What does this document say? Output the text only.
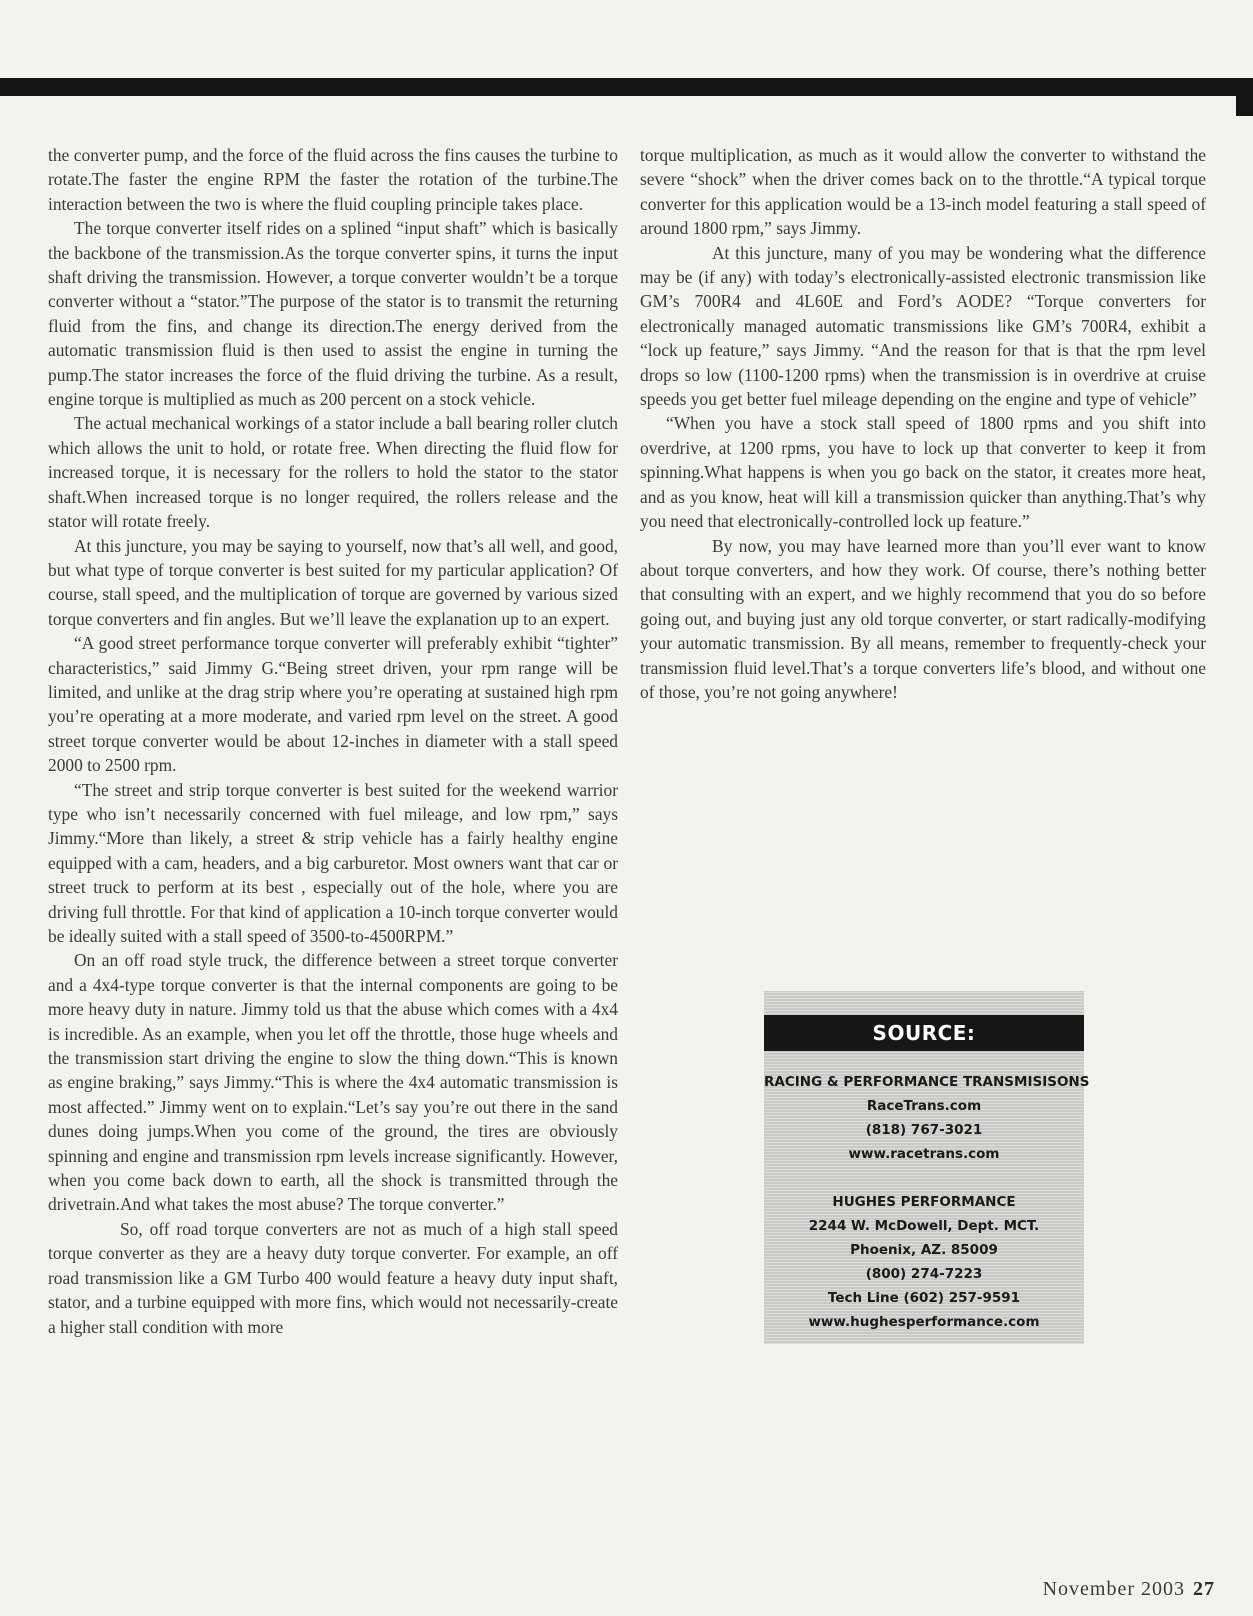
the converter pump, and the force of the fluid across the fins causes the turbine to rotate.The faster the engine RPM the faster the rotation of the turbine.The interaction between the two is where the fluid coupling principle takes place.

The torque converter itself rides on a splined “input shaft” which is basically the backbone of the transmission.As the torque converter spins, it turns the input shaft driving the transmission. However, a torque converter wouldn’t be a torque converter without a “stator.”The purpose of the stator is to transmit the returning fluid from the fins, and change its direction.The energy derived from the automatic transmission fluid is then used to assist the engine in turning the pump.The stator increases the force of the fluid driving the turbine. As a result, engine torque is multiplied as much as 200 percent on a stock vehicle.

The actual mechanical workings of a stator include a ball bearing roller clutch which allows the unit to hold, or rotate free. When directing the fluid flow for increased torque, it is necessary for the rollers to hold the stator to the stator shaft.When increased torque is no longer required, the rollers release and the stator will rotate freely.

At this juncture, you may be saying to yourself, now that’s all well, and good, but what type of torque converter is best suited for my particular application? Of course, stall speed, and the multiplication of torque are governed by various sized torque converters and fin angles. But we’ll leave the explanation up to an expert.

“A good street performance torque converter will preferably exhibit “tighter” characteristics,” said Jimmy G.“Being street driven, your rpm range will be limited, and unlike at the drag strip where you’re operating at sustained high rpm you’re operating at a more moderate, and varied rpm level on the street. A good street torque converter would be about 12-inches in diameter with a stall speed 2000 to 2500 rpm.

“The street and strip torque converter is best suited for the weekend warrior type who isn’t necessarily concerned with fuel mileage, and low rpm,” says Jimmy.“More than likely, a street & strip vehicle has a fairly healthy engine equipped with a cam, headers, and a big carburetor. Most owners want that car or street truck to perform at its best , especially out of the hole, where you are driving full throttle. For that kind of application a 10-inch torque converter would be ideally suited with a stall speed of 3500-to-4500RPM.”

On an off road style truck, the difference between a street torque converter and a 4x4-type torque converter is that the internal components are going to be more heavy duty in nature. Jimmy told us that the abuse which comes with a 4x4 is incredible. As an example, when you let off the throttle, those huge wheels and the transmission start driving the engine to slow the thing down.“This is known as engine braking,” says Jimmy.“This is where the 4x4 automatic transmission is most affected.” Jimmy went on to explain.“Let’s say you’re out there in the sand dunes doing jumps.When you come of the ground, the tires are obviously spinning and engine and transmission rpm levels increase significantly. However, when you come back down to earth, all the shock is transmitted through the drivetrain.And what takes the most abuse? The torque converter.”

So, off road torque converters are not as much of a high stall speed torque converter as they are a heavy duty torque converter. For example, an off road transmission like a GM Turbo 400 would feature a heavy duty input shaft, stator, and a turbine equipped with more fins, which would not necessarily-create a higher stall condition with more

torque multiplication, as much as it would allow the converter to withstand the severe “shock” when the driver comes back on to the throttle.“A typical torque converter for this application would be a 13-inch model featuring a stall speed of around 1800 rpm,” says Jimmy.

At this juncture, many of you may be wondering what the difference may be (if any) with today’s electronically-assisted electronic transmission like GM’s 700R4 and 4L60E and Ford’s AODE? “Torque converters for electronically managed automatic transmissions like GM’s 700R4, exhibit a “lock up feature,” says Jimmy. “And the reason for that is that the rpm level drops so low (1100-1200 rpms) when the transmission is in overdrive at cruise speeds you get better fuel mileage depending on the engine and type of vehicle”

“When you have a stock stall speed of 1800 rpms and you shift into overdrive, at 1200 rpms, you have to lock up that converter to keep it from spinning.What happens is when you go back on the stator, it creates more heat, and as you know, heat will kill a transmission quicker than anything.That’s why you need that electronically-controlled lock up feature.”

By now, you may have learned more than you’ll ever want to know about torque converters, and how they work. Of course, there’s nothing better that consulting with an expert, and we highly recommend that you do so before going out, and buying just any old torque converter, or start radically-modifying your automatic transmission. By all means, remember to frequently-check your transmission fluid level.That’s a torque converters life’s blood, and without one of those, you’re not going anywhere!

SOURCE:
RACING & PERFORMANCE TRANSMISISONS
RaceTrans.com
(818) 767-3021
www.racetrans.com
HUGHES PERFORMANCE
2244 W. McDowell, Dept. MCT.
Phoenix, AZ. 85009
(800) 274-7223
Tech Line (602) 257-9591
www.hughesperformance.com
November 2003 27
